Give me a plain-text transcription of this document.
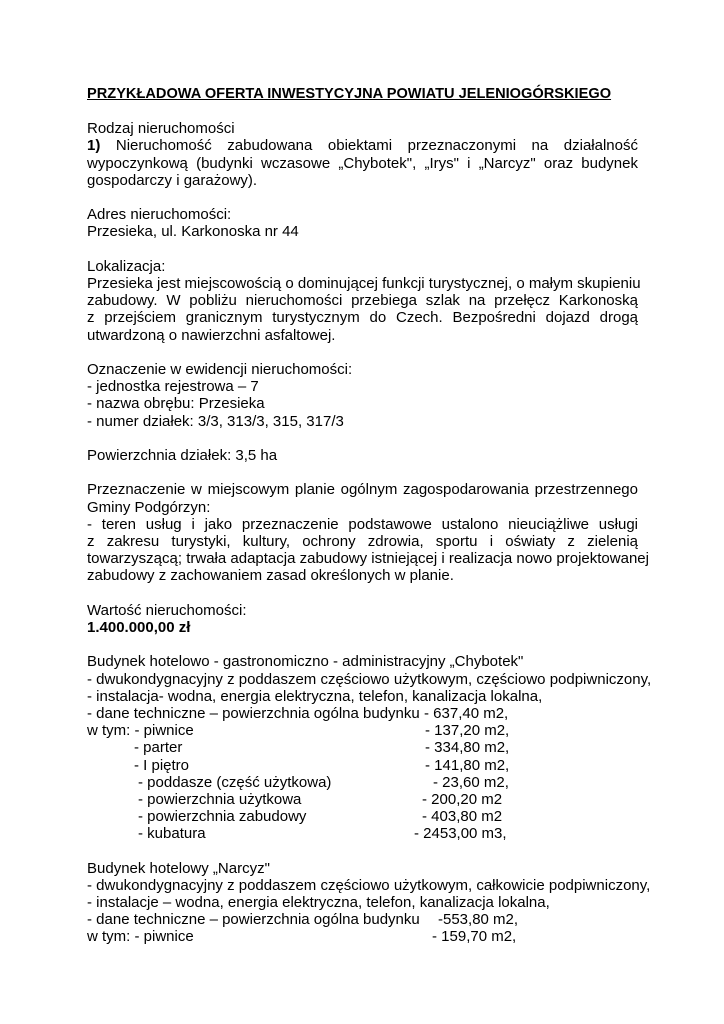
PRZYKŁADOWA OFERTA INWESTYCYJNA POWIATU JELENIOGÓRSKIEGO
Rodzaj nieruchomości
1) Nieruchomość zabudowana obiektami przeznaczonymi na działalność
wypoczynkową (budynki wczasowe „Chybotek", „Irys" i „Narcyz" oraz budynek
gospodarczy i garażowy).
Adres nieruchomości:
Przesieka, ul. Karkonoska nr 44
Lokalizacja:
Przesieka jest miejscowością o dominującej funkcji turystycznej, o małym skupieniu
zabudowy. W pobliżu nieruchomości przebiega szlak na przełęcz Karkonoską
z przejściem granicznym turystycznym do Czech. Bezpośredni dojazd drogą
utwardzoną o nawierzchni asfaltowej.
Oznaczenie w ewidencji nieruchomości:
- jednostka rejestrowa – 7
- nazwa obrębu: Przesieka
- numer działek: 3/3, 313/3, 315, 317/3
Powierzchnia działek: 3,5 ha
Przeznaczenie w miejscowym planie ogólnym zagospodarowania przestrzennego
Gminy Podgórzyn:
- teren usług i jako przeznaczenie podstawowe ustalono nieuciążliwe usługi
z zakresu turystyki, kultury, ochrony zdrowia, sportu i oświaty z zielenią
towarzyszącą; trwała adaptacja zabudowy istniejącej i realizacja nowo projektowanej
zabudowy z zachowaniem zasad określonych w planie.
Wartość nieruchomości:
1.400.000,00 zł
Budynek hotelowo - gastronomiczno - administracyjny „Chybotek"
- dwukondygnacyjny z poddaszem częściowo użytkowym, częściowo podpiwniczony,
- instalacja- wodna, energia elektryczna, telefon, kanalizacja lokalna,
- dane techniczne – powierzchnia ogólna budynku - 637,40 m2,
w tym: - piwnice	- 137,20 m2,
- parter	- 334,80 m2,
- I piętro	- 141,80 m2,
- poddasze (część użytkowa)	- 23,60 m2,
- powierzchnia użytkowa	- 200,20 m2
- powierzchnia zabudowy	- 403,80 m2
- kubatura	- 2453,00 m3,
Budynek hotelowy „Narcyz"
- dwukondygnacyjny z poddaszem częściowo użytkowym, całkowicie podpiwniczony,
- instalacje – wodna, energia elektryczna, telefon, kanalizacja lokalna,
- dane techniczne – powierzchnia ogólna budynku -553,80 m2,
w tym: - piwnice	- 159,70 m2,
